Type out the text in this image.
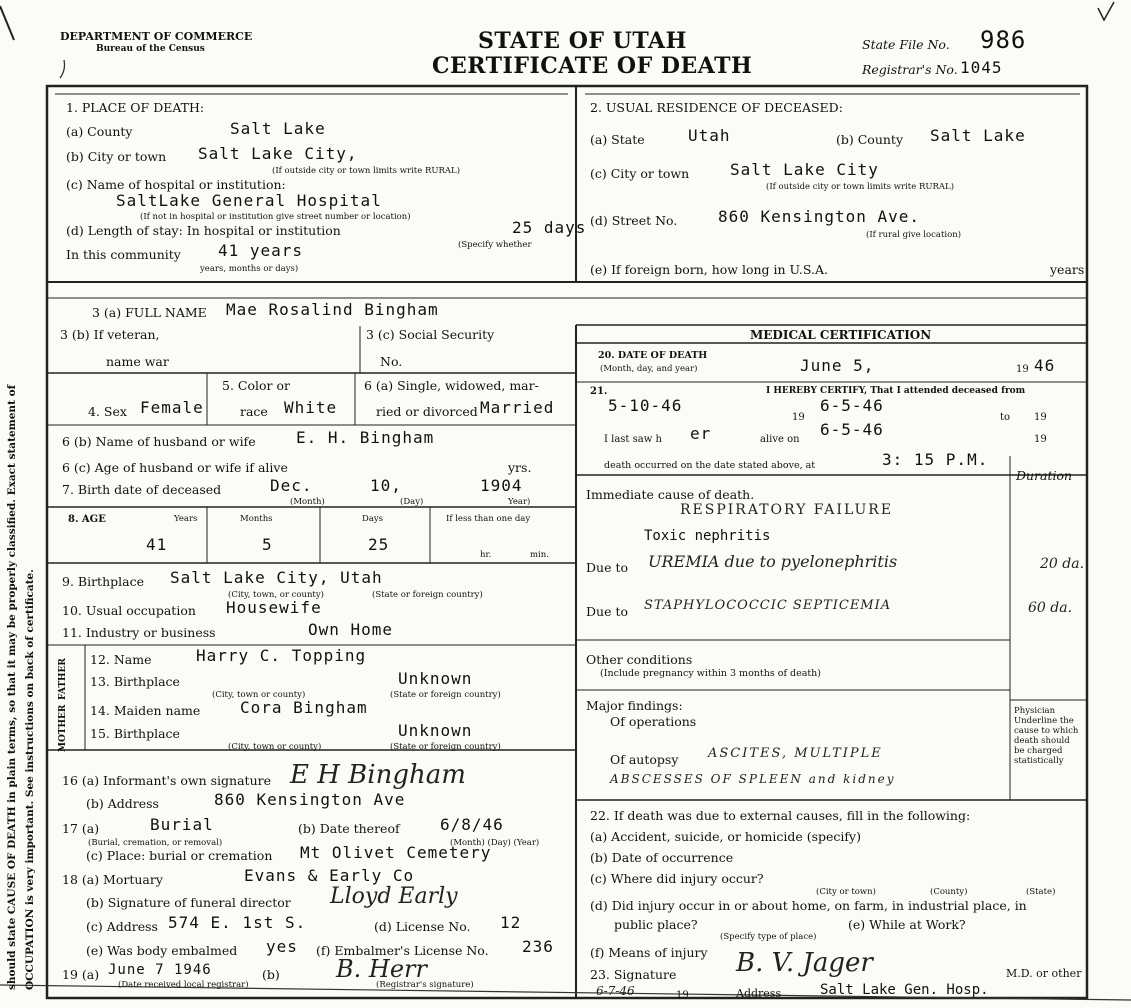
should state CAUSE OF DEATH in plain terms, so that it may be properly classified. Exact statement of OCCUPATION is very important. See instructions on back of certificate.
DEPARTMENT OF COMMERCE
Bureau of the Census	STATE OF UTAH
CERTIFICATE OF DEATH
State File No. 986
Registrar's No. 1045
1. PLACE OF DEATH:
(a) County	Salt Lake
(b) City or town Salt Lake City,
(If outside city or town limits write RURAL)
(c) Name of hospital or institution:
SaltLake General Hospital
(If not in hospital or institution give street number or location)
(d) Length of stay: In hospital or institution	25 days
In this community 41 years	(Specify whether
years, months or days)
2. USUAL RESIDENCE OF DECEASED:
(a) State	Utah	(b) County Salt Lake
(c) City or town	Salt Lake City
(If outside city or town limits write RURAL)
(d) Street No.	860 Kensington Ave.
(If rural give location)
(e) If foreign born, how long in U.S.A.	years
3 (a) FULL NAME Mae Rosalind Bingham
3 (b) If veteran,
name war
3 (c) Social Security
No.
MEDICAL CERTIFICATION
4. Sex Female
5. Color or
race White
6 (a) Single, widowed, mar-
ried or divorced Married
6 (b) Name of husband or wife	E. H. Bingham
6 (c) Age of husband or wife if alive	yrs.
7. Birth date of deceased	Dec.	10,	1904
(Month)	(Day)	Year)
8. AGE	Years	Months	Days	If less than one day
41	5	25
hr.	min.
9. Birthplace Salt Lake City, Utah
(City, town, or county)	(State or foreign country)
10. Usual occupation Housewife
11. Industry or business	Own Home
FATHER
MOTHER
12. Name	Harry C. Topping
13. Birthplace	Unknown
(City, town or county)	(State or foreign country)
14. Maiden name Cora Bingham
15. Birthplace	Unknown
(City, town or county)	(State or foreign country)
16 (a) Informant's own signature E H Bingham
(b) Address	860 Kensington Ave
17 (a)	Burial
(Burial, cremation, or removal)
(b) Date thereof	6/8/46
(Month) (Day) (Year)
(c) Place: burial or cremation Mt Olivet Cemetery
18 (a) Mortuary	Evans & Early Co
(b) Signature of funeral director Lloyd Early
(c) Address 574 E. 1st S.	(d) License No. 12
(e) Was body embalmed yes (f) Embalmer's License No. 236
19 (a) June 7 1946
(Date received local registrar)
(b) B. Herr
(Registrar's signature)
20. DATE OF DEATH
(Month, day, and year)	June 5,	19 46
21.	I HEREBY CERTIFY, That I attended deceased from
5-10-46
19
6-5-46
to 19
I last saw h er	alive on
6-5-46
19
death occurred on the date stated above, at	3: 15 P.M.
Duration
Immediate cause of death.
RESPIRATORY FAILURE
Toxic nephritis
Due to UREMIA due to pyelonephritis	20 da.
Due to STAPHYLOCOCCIC SEPTICEMIA	60 da.
Other conditions
(Include pregnancy within 3 months of death)
Major findings:
Of operations
Of autopsy ASCITES, MULTIPLE
ABSCESSES OF SPLEEN and kidney
Physician Underline the cause to which death should be charged statistically
22. If death was due to external causes, fill in the following:
(a) Accident, suicide, or homicide (specify)
(b) Date of occurrence
(c) Where did injury occur?
(City or town)	(County)	(State)
(d) Did injury occur in or about home, on farm, in industrial place, in
public place?	(e) While at Work?
(Specify type of place)
(f) Means of injury
23. Signature B. V. Jager	M.D. or other
6-7-46	19	Address	Salt Lake Gen. Hosp.
